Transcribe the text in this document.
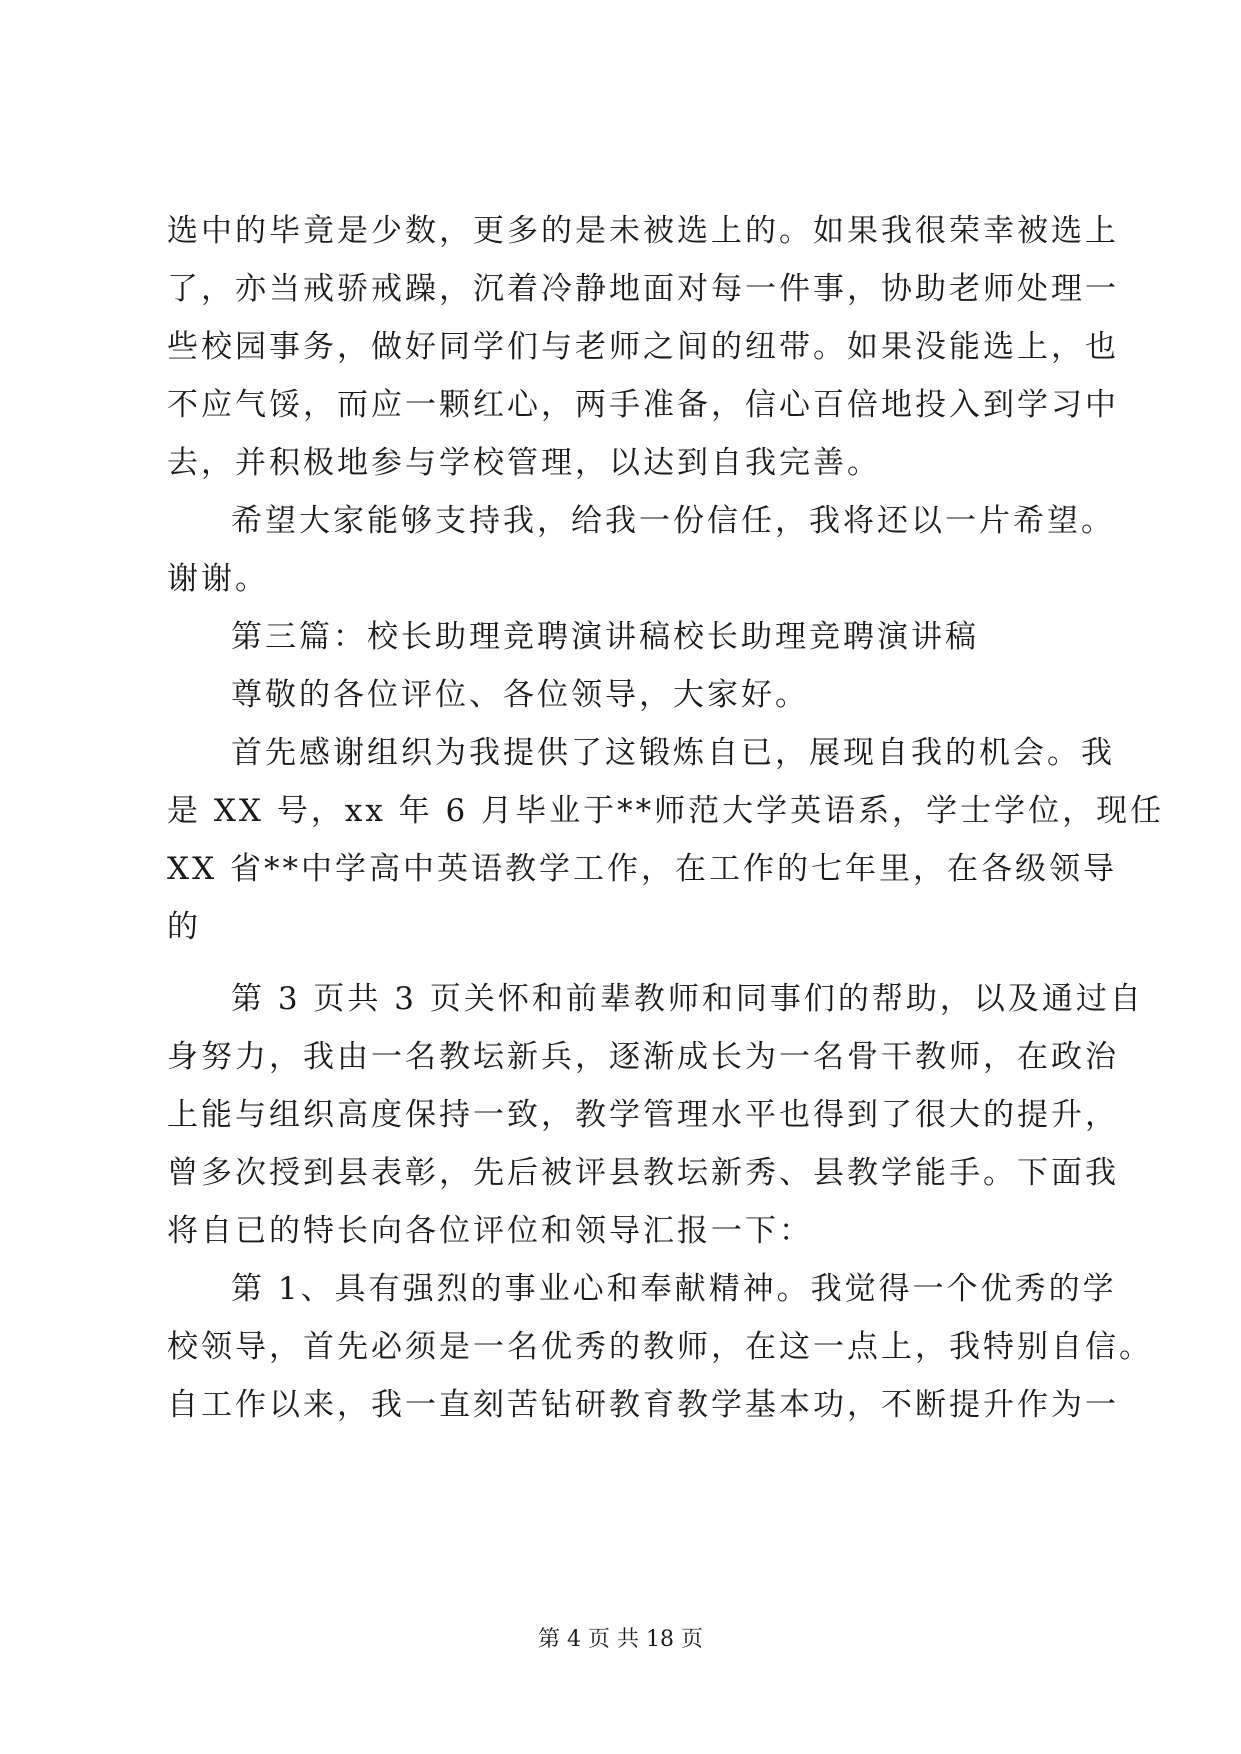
选中的毕竟是少数，更多的是未被选上的。如果我很荣幸被选上
了，亦当戒骄戒躁，沉着冷静地面对每一件事，协助老师处理一
些校园事务，做好同学们与老师之间的纽带。如果没能选上，也
不应气馁，而应一颗红心，两手准备，信心百倍地投入到学习中
去，并积极地参与学校管理，以达到自我完善。
希望大家能够支持我，给我一份信任，我将还以一片希望。
谢谢。
第三篇：校长助理竞聘演讲稿校长助理竞聘演讲稿
尊敬的各位评位、各位领导，大家好。
首先感谢组织为我提供了这锻炼自已，展现自我的机会。我
是 XX 号，xx 年 6 月毕业于**师范大学英语系，学士学位，现任
XX 省**中学高中英语教学工作，在工作的七年里，在各级领导
的
第 3 页共 3 页关怀和前辈教师和同事们的帮助，以及通过自
身努力，我由一名教坛新兵，逐渐成长为一名骨干教师，在政治
上能与组织高度保持一致，教学管理水平也得到了很大的提升，
曾多次授到县表彰，先后被评县教坛新秀、县教学能手。下面我
将自已的特长向各位评位和领导汇报一下：
第 1、具有强烈的事业心和奉献精神。我觉得一个优秀的学
校领导，首先必须是一名优秀的教师，在这一点上，我特别自信。
自工作以来，我一直刻苦钻研教育教学基本功，不断提升作为一
第 4 页 共 18 页
